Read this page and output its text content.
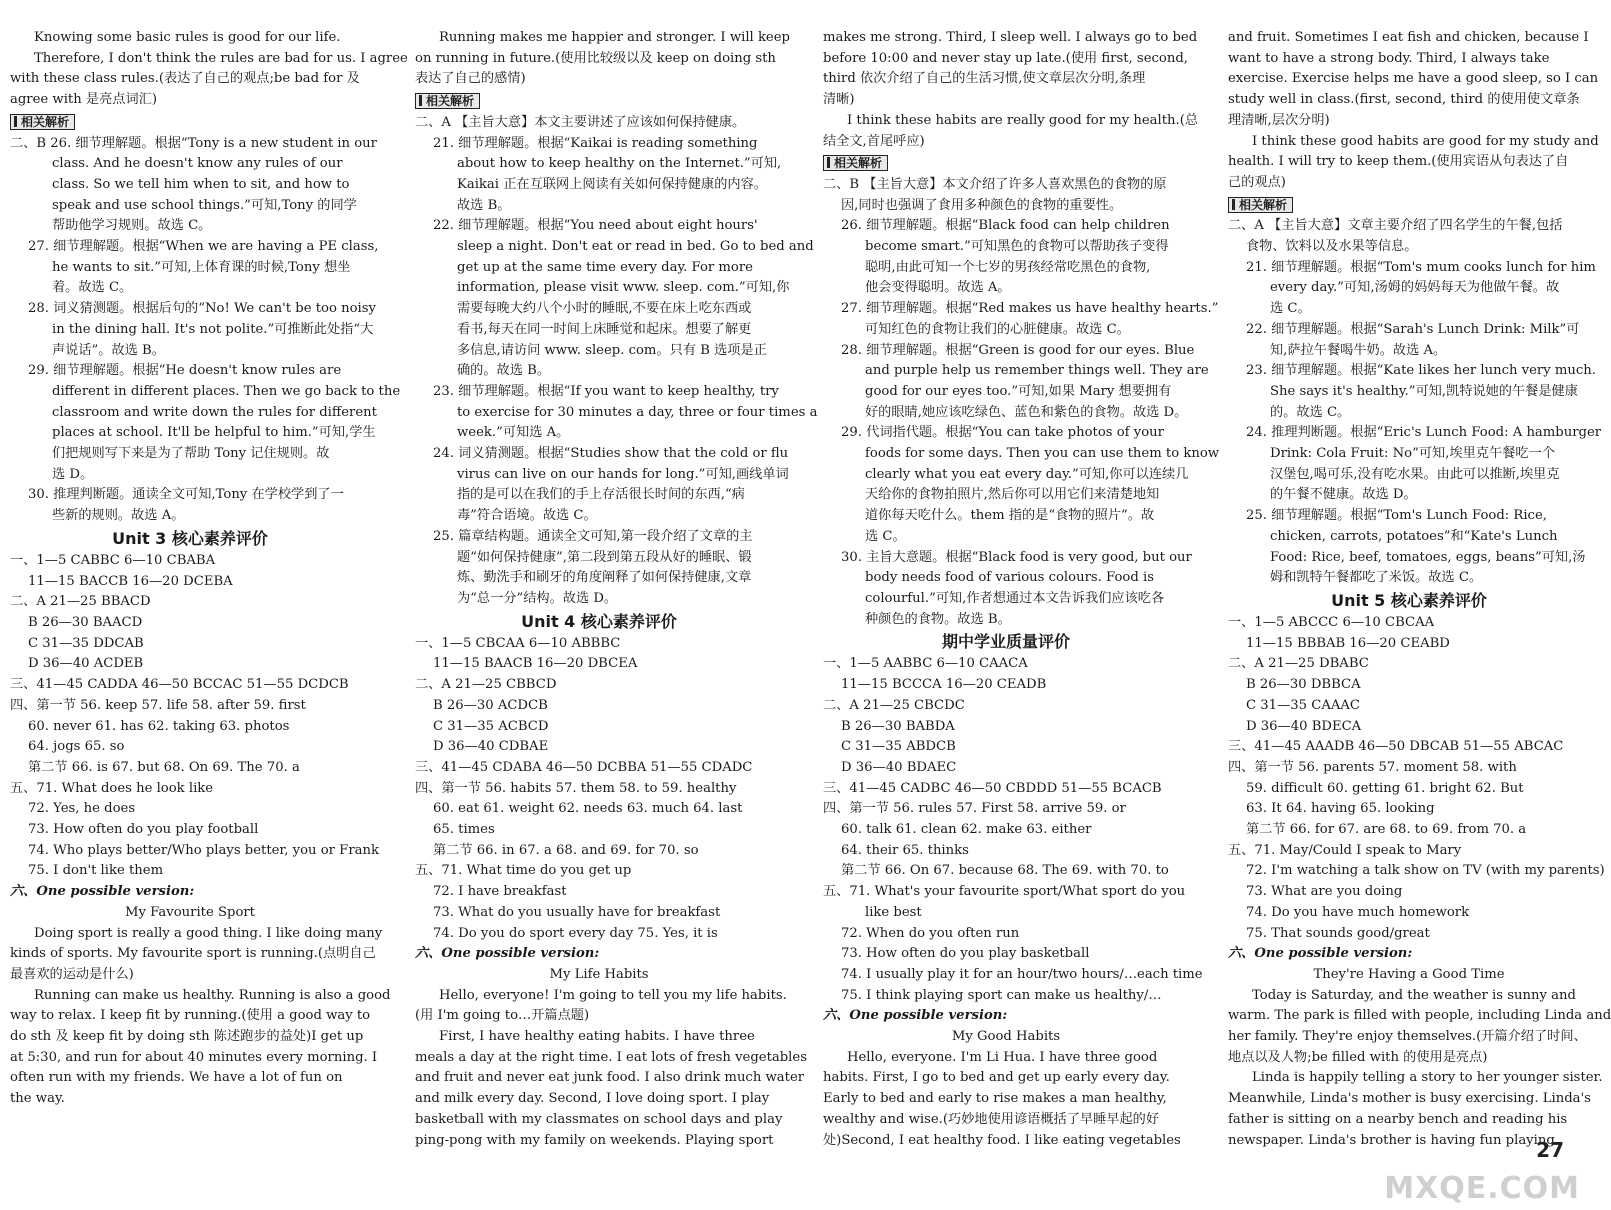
Knowing some basic rules is good for our life.
Therefore, I don't think the rules are bad for us. I agree
with these class rules.(表达了自己的观点;be bad for 及
agree with 是亮点词汇)
相关解析
二、B 26. 细节理解题。根据“Tony is a new student in our
class. And he doesn't know any rules of our
class. So we tell him when to sit, and how to
speak and use school things.”可知,Tony 的同学
帮助他学习规则。故选 C。
27. 细节理解题。根据“When we are having a PE class,
he wants to sit.”可知,上体育课的时候,Tony 想坐
着。故选 C。
28. 词义猜测题。根据后句的“No! We can't be too noisy
in the dining hall. It's not polite.”可推断此处指“大
声说话”。故选 B。
29. 细节理解题。根据“He doesn't know rules are
different in different places. Then we go back to the
classroom and write down the rules for different
places at school. It'll be helpful to him.”可知,学生
们把规则写下来是为了帮助 Tony 记住规则。故
选 D。
30. 推理判断题。通读全文可知,Tony 在学校学到了一
些新的规则。故选 A。
Unit 3 核心素养评价
一、1—5 CABBC 6—10 CBABA
11—15 BACCB 16—20 DCEBA
二、A 21—25 BBACD
B 26—30 BAACD
C 31—35 DDCAB
D 36—40 ACDEB
三、41—45 CADDA 46—50 BCCAC 51—55 DCDCB
四、第一节 56. keep 57. life 58. after 59. first
60. never 61. has 62. taking 63. photos
64. jogs 65. so
第二节 66. is 67. but 68. On 69. The 70. a
五、71. What does he look like
72. Yes, he does
73. How often do you play football
74. Who plays better/Who plays better, you or Frank
75. I don't like them
六、One possible version:
My Favourite Sport
Doing sport is really a good thing. I like doing many
kinds of sports. My favourite sport is running.(点明自己
最喜欢的运动是什么)
Running can make us healthy. Running is also a good
way to relax. I keep fit by running.(使用 a good way to
do sth 及 keep fit by doing sth 陈述跑步的益处)I get up
at 5:30, and run for about 40 minutes every morning. I
often run with my friends. We have a lot of fun on
the way.
Running makes me happier and stronger. I will keep
on running in future.(使用比较级以及 keep on doing sth
表达了自己的感情)
相关解析
二、A 【主旨大意】本文主要讲述了应该如何保持健康。
21. 细节理解题。根据“Kaikai is reading something
about how to keep healthy on the Internet.”可知,
Kaikai 正在互联网上阅读有关如何保持健康的内容。
故选 B。
22. 细节理解题。根据“You need about eight hours'
sleep a night. Don't eat or read in bed. Go to bed and
get up at the same time every day. For more
information, please visit www. sleep. com.”可知,你
需要每晚大约八个小时的睡眠,不要在床上吃东西或
看书,每天在同一时间上床睡觉和起床。想要了解更
多信息,请访问 www. sleep. com。只有 B 选项是正
确的。故选 B。
23. 细节理解题。根据“If you want to keep healthy, try
to exercise for 30 minutes a day, three or four times a
week.”可知选 A。
24. 词义猜测题。根据“Studies show that the cold or flu
virus can live on our hands for long.”可知,画线单词
指的是可以在我们的手上存活很长时间的东西,“病
毒”符合语境。故选 C。
25. 篇章结构题。通读全文可知,第一段介绍了文章的主
题“如何保持健康”,第二段到第五段从好的睡眠、锻
炼、勤洗手和刷牙的角度阐释了如何保持健康,文章
为“总一分”结构。故选 D。
Unit 4 核心素养评价
一、1—5 CBCAA 6—10 ABBBC
11—15 BAACB 16—20 DBCEA
二、A 21—25 CBBCD
B 26—30 ACDCB
C 31—35 ACBCD
D 36—40 CDBAE
三、41—45 CDABA 46—50 DCBBA 51—55 CDADC
四、第一节 56. habits 57. them 58. to 59. healthy
60. eat 61. weight 62. needs 63. much 64. last
65. times
第二节 66. in 67. a 68. and 69. for 70. so
五、71. What time do you get up
72. I have breakfast
73. What do you usually have for breakfast
74. Do you do sport every day 75. Yes, it is
六、One possible version:
My Life Habits
Hello, everyone! I'm going to tell you my life habits.
(用 I'm going to…开篇点题)
First, I have healthy eating habits. I have three
meals a day at the right time. I eat lots of fresh vegetables
and fruit and never eat junk food. I also drink much water
and milk every day. Second, I love doing sport. I play
basketball with my classmates on school days and play
ping-pong with my family on weekends. Playing sport
makes me strong. Third, I sleep well. I always go to bed
before 10:00 and never stay up late.(使用 first, second,
third 依次介绍了自己的生活习惯,使文章层次分明,条理
清晰)
I think these habits are really good for my health.(总
结全文,首尾呼应)
相关解析
二、B 【主旨大意】本文介绍了许多人喜欢黑色的食物的原
因,同时也强调了食用多种颜色的食物的重要性。
26. 细节理解题。根据“Black food can help children
become smart.”可知黑色的食物可以帮助孩子变得
聪明,由此可知一个七岁的男孩经常吃黑色的食物,
他会变得聪明。故选 A。
27. 细节理解题。根据“Red makes us have healthy hearts.”
可知红色的食物让我们的心脏健康。故选 C。
28. 细节理解题。根据“Green is good for our eyes. Blue
and purple help us remember things well. They are
good for our eyes too.”可知,如果 Mary 想要拥有
好的眼睛,她应该吃绿色、蓝色和紫色的食物。故选 D。
29. 代词指代题。根据“You can take photos of your
foods for some days. Then you can use them to know
clearly what you eat every day.”可知,你可以连续几
天给你的食物拍照片,然后你可以用它们来清楚地知
道你每天吃什么。them 指的是“食物的照片”。故
选 C。
30. 主旨大意题。根据“Black food is very good, but our
body needs food of various colours. Food is
colourful.”可知,作者想通过本文告诉我们应该吃各
种颜色的食物。故选 B。
期中学业质量评价
一、1—5 AABBC 6—10 CAACA
11—15 BCCCA 16—20 CEADB
二、A 21—25 CBCDC
B 26—30 BABDA
C 31—35 ABDCB
D 36—40 BDAEC
三、41—45 CADBC 46—50 CBDDD 51—55 BCACB
四、第一节 56. rules 57. First 58. arrive 59. or
60. talk 61. clean 62. make 63. either
64. their 65. thinks
第二节 66. On 67. because 68. The 69. with 70. to
五、71. What's your favourite sport/What sport do you
like best
72. When do you often run
73. How often do you play basketball
74. I usually play it for an hour/two hours/…each time
75. I think playing sport can make us healthy/…
六、One possible version:
My Good Habits
Hello, everyone. I'm Li Hua. I have three good
habits. First, I go to bed and get up early every day.
Early to bed and early to rise makes a man healthy,
wealthy and wise.(巧妙地使用谚语概括了早睡早起的好
处)Second, I eat healthy food. I like eating vegetables
and fruit. Sometimes I eat fish and chicken, because I
want to have a strong body. Third, I always take
exercise. Exercise helps me have a good sleep, so I can
study well in class.(first, second, third 的使用使文章条
理清晰,层次分明)
I think these good habits are good for my study and
health. I will try to keep them.(使用宾语从句表达了自
己的观点)
相关解析
二、A 【主旨大意】文章主要介绍了四名学生的午餐,包括
食物、饮料以及水果等信息。
21. 细节理解题。根据“Tom's mum cooks lunch for him
every day.”可知,汤姆的妈妈每天为他做午餐。故
选 C。
22. 细节理解题。根据“Sarah's Lunch Drink: Milk”可
知,萨拉午餐喝牛奶。故选 A。
23. 细节理解题。根据“Kate likes her lunch very much.
She says it's healthy.”可知,凯特说她的午餐是健康
的。故选 C。
24. 推理判断题。根据“Eric's Lunch Food: A hamburger
Drink: Cola Fruit: No”可知,埃里克午餐吃一个
汉堡包,喝可乐,没有吃水果。由此可以推断,埃里克
的午餐不健康。故选 D。
25. 细节理解题。根据“Tom's Lunch Food: Rice,
chicken, carrots, potatoes”和“Kate's Lunch
Food: Rice, beef, tomatoes, eggs, beans”可知,汤
姆和凯特午餐都吃了米饭。故选 C。
Unit 5 核心素养评价
一、1—5 ABCCC 6—10 CBCAA
11—15 BBBAB 16—20 CEABD
二、A 21—25 DBABC
B 26—30 DBBCA
C 31—35 CAAAC
D 36—40 BDECA
三、41—45 AAADB 46—50 DBCAB 51—55 ABCAC
四、第一节 56. parents 57. moment 58. with
59. difficult 60. getting 61. bright 62. But
63. It 64. having 65. looking
第二节 66. for 67. are 68. to 69. from 70. a
五、71. May/Could I speak to Mary
72. I'm watching a talk show on TV (with my parents)
73. What are you doing
74. Do you have much homework
75. That sounds good/great
六、One possible version:
They're Having a Good Time
Today is Saturday, and the weather is sunny and
warm. The park is filled with people, including Linda and
her family. They're enjoy themselves.(开篇介绍了时间、
地点以及人物;be filled with 的使用是亮点)
Linda is happily telling a story to her younger sister.
Meanwhile, Linda's mother is busy exercising. Linda's
father is sitting on a nearby bench and reading his
newspaper. Linda's brother is having fun playing
27
MXQE.COM
